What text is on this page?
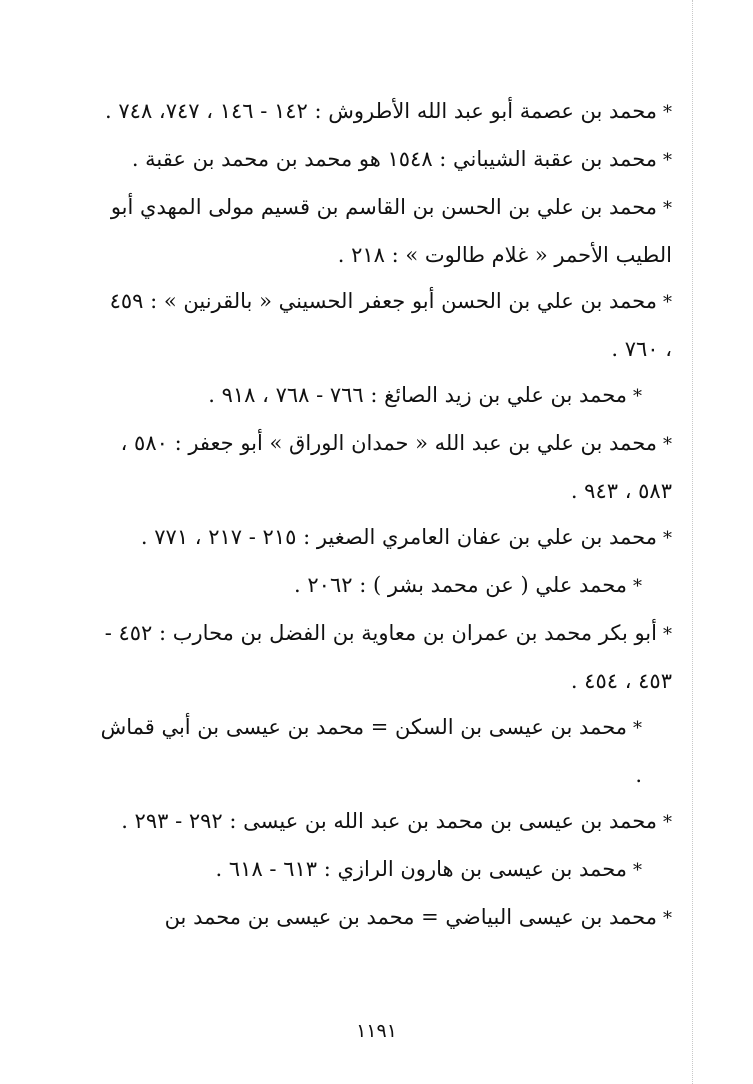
*محمد بن عصمة أبو عبد الله الأطروش : ١٤٢ - ١٤٦ ، ٧٤٧، ٧٤٨ .

*محمد بن عقبة الشيباني : ١٥٤٨ هو محمد بن محمد بن عقبة .

*محمد بن علي بن الحسن بن القاسم بن قسيم مولى المهدي أبو الطيب الأحمر « غلام طالوت » : ٢١٨ .

*محمد بن علي بن الحسن أبو جعفر الحسيني « بالقرنين » : ٤٥٩ ، ٧٦٠ .

*محمد بن علي بن زيد الصائغ : ٧٦٦ - ٧٦٨ ، ٩١٨ .

*محمد بن علي بن عبد الله « حمدان الوراق » أبو جعفر : ٥٨٠ ، ٥٨٣ ، ٩٤٣ .

*محمد بن علي بن عفان العامري الصغير : ٢١٥ - ٢١٧ ، ٧٧١ .

*محمد علي ( عن محمد بشر ) : ٢٠٦٢ .

*أبو بكر محمد بن عمران بن معاوية بن الفضل بن محارب : ٤٥٢ - ٤٥٣ ، ٤٥٤ .

*محمد بن عيسى بن السكن = محمد بن عيسى بن أبي قماش .

*محمد بن عيسى بن محمد بن عبد الله بن عيسى : ٢٩٢ - ٢٩٣ .

*محمد بن عيسى بن هارون الرازي : ٦١٣ - ٦١٨ .

*محمد بن عيسى البياضي = محمد بن عيسى بن محمد بن

١١٩١
